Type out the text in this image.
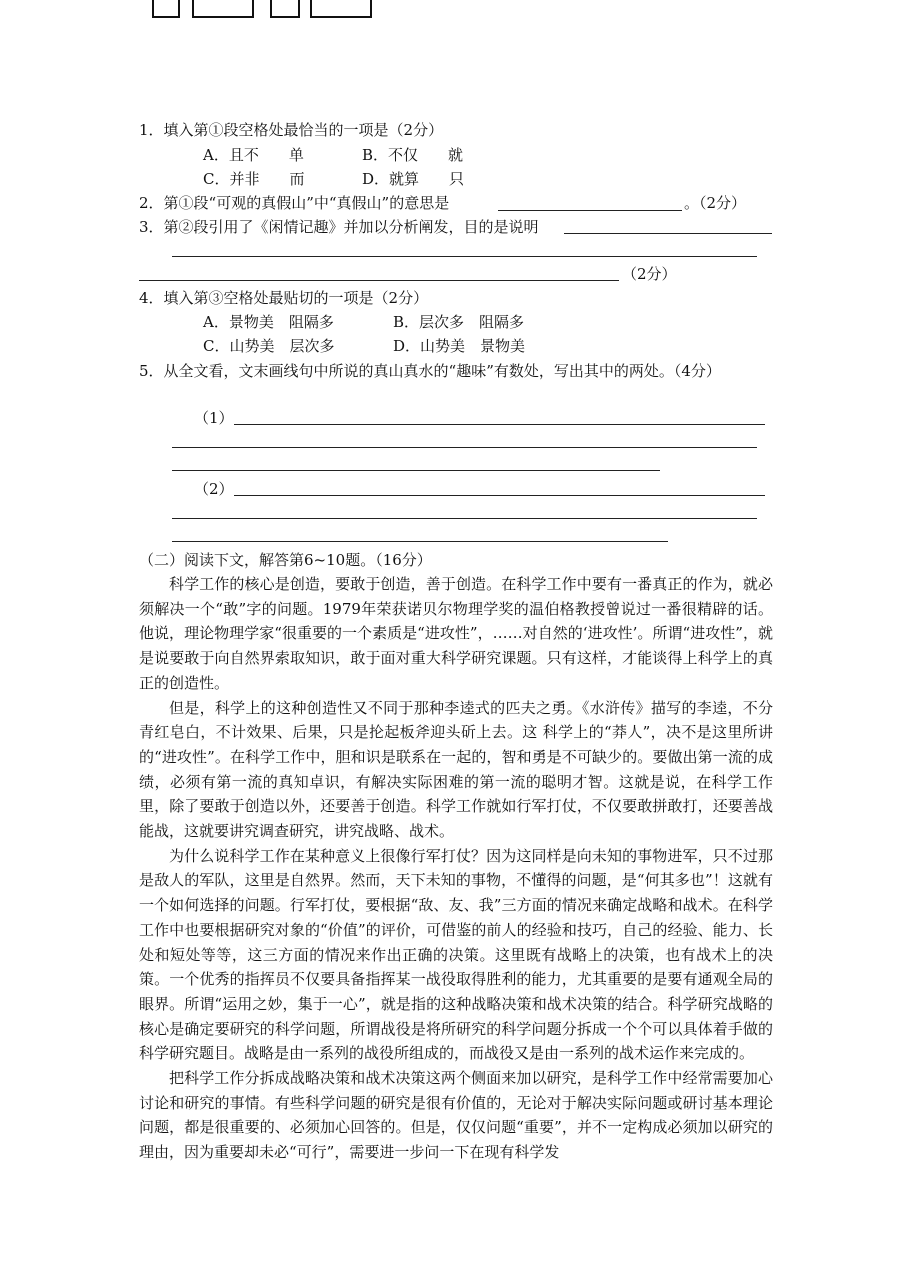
1．填入第①段空格处最恰当的一项是（2分）
A．且不　　单	B．不仅　　就
C．并非　　而	D．就算　　只
2．第①段“可观的真假山”中“真假山”的意思是	。（2分）
3．第②段引用了《闲情记趣》并加以分析阐发，目的是说明
（2分）
4．填入第③空格处最贴切的一项是（2分）
A．景物美　阻隔多	B．层次多　阻隔多
C．山势美　层次多	D．山势美　景物美
5．从全文看，文末画线句中所说的真山真水的“趣味”有数处，写出其中的两处。（4分）
（1）
（2）
（二）阅读下文，解答第6~10题。（16分）

科学工作的核心是创造，要敢于创造，善于创造。在科学工作中要有一番真正的作为，就必须解决一个“敢”字的问题。1979年荣获诺贝尔物理学奖的温伯格教授曾说过一番很精辟的话。他说，理论物理学家“很重要的一个素质是“进攻性”，……对自然的‘进攻性’。所谓“进攻性”，就是说要敢于向自然界索取知识，敢于面对重大科学研究课题。只有这样，才能谈得上科学上的真正的创造性。

但是，科学上的这种创造性又不同于那种李逵式的匹夫之勇。《水浒传》描写的李逵，不分青红皂白，不计效果、后果，只是抡起板斧迎头斫上去。这 科学上的“莽人”，决不是这里所讲的“进攻性”。在科学工作中，胆和识是联系在一起的，智和勇是不可缺少的。要做出第一流的成绩，必须有第一流的真知卓识，有解决实际困难的第一流的聪明才智。这就是说，在科学工作里，除了要敢于创造以外，还要善于创造。科学工作就如行军打仗，不仅要敢拼敢打，还要善战能战，这就要讲究调查研究，讲究战略、战术。

为什么说科学工作在某种意义上很像行军打仗？因为这同样是向未知的事物进军，只不过那是敌人的军队，这里是自然界。然而，天下未知的事物，不懂得的问题，是“何其多也”！这就有一个如何选择的问题。行军打仗，要根据“敌、友、我”三方面的情况来确定战略和战术。在科学工作中也要根据研究对象的“价值”的评价，可借鉴的前人的经验和技巧，自己的经验、能力、长处和短处等等，这三方面的情况来作出正确的决策。这里既有战略上的决策，也有战术上的决策。一个优秀的指挥员不仅要具备指挥某一战役取得胜利的能力，尤其重要的是要有通观全局的眼界。所谓“运用之妙，集于一心”，就是指的这种战略决策和战术决策的结合。科学研究战略的核心是确定要研究的科学问题，所谓战役是将所研究的科学问题分拆成一个个可以具体着手做的科学研究题目。战略是由一系列的战役所组成的，而战役又是由一系列的战术运作来完成的。

把科学工作分拆成战略决策和战术决策这两个侧面来加以研究，是科学工作中经常需要加心讨论和研究的事情。有些科学问题的研究是很有价值的，无论对于解决实际问题或研讨基本理论问题，都是很重要的、必须加心回答的。但是，仅仅问题“重要”，并不一定构成必须加以研究的理由，因为重要却未必“可行”，需要进一步问一下在现有科学发
